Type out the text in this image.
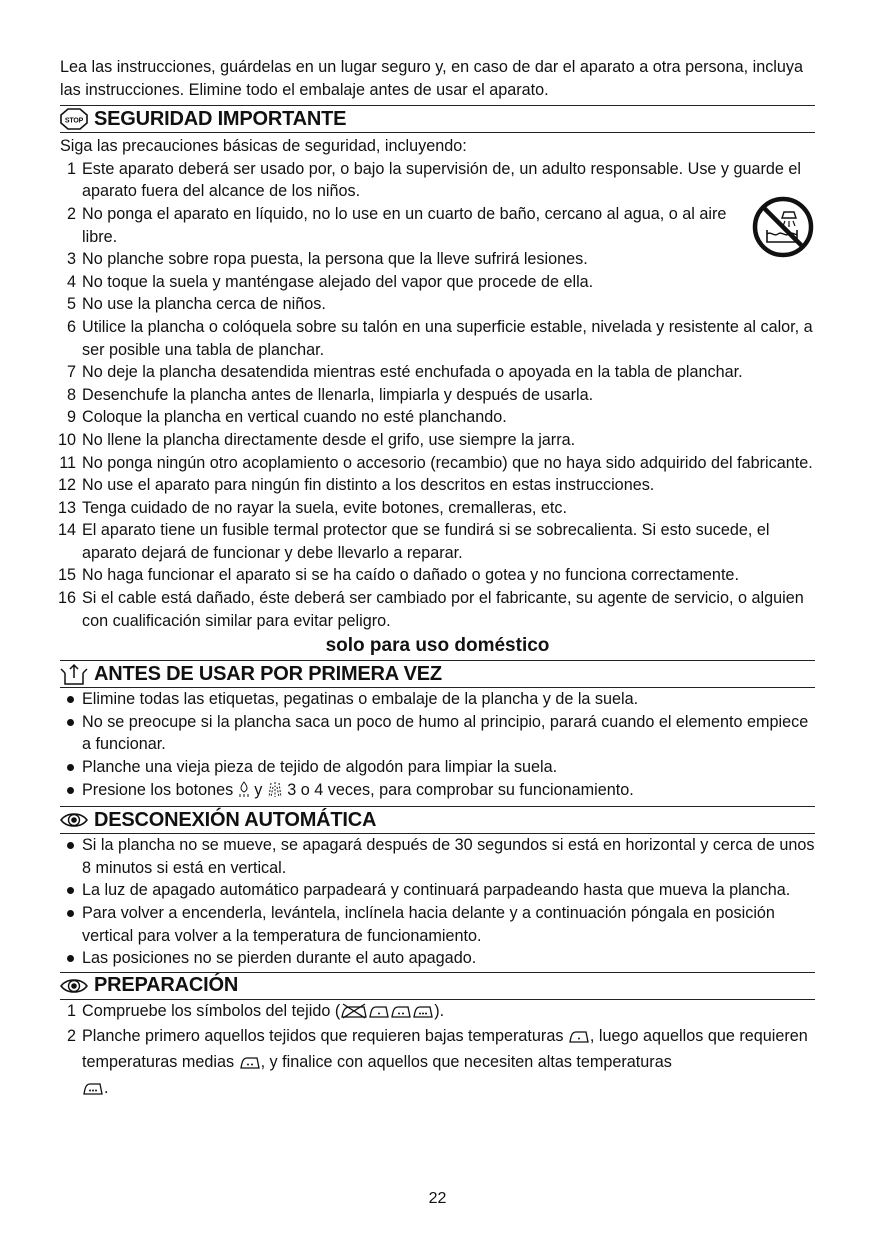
Lea las instrucciones, guárdelas en un lugar seguro y, en caso de dar el aparato a otra persona, incluya las instrucciones. Elimine todo el embalaje antes de usar el aparato.
STOP SEGURIDAD IMPORTANTE
Siga las precauciones básicas de seguridad, incluyendo:
1 Este aparato deberá ser usado por, o bajo la supervisión de, un adulto responsable. Use y guarde el aparato fuera del alcance de los niños.
2 No ponga el aparato en líquido, no lo use en un cuarto de baño, cercano al agua, o al aire libre.
3 No planche sobre ropa puesta, la persona que la lleve sufrirá lesiones.
4 No toque la suela y manténgase alejado del vapor que procede de ella.
5 No use la plancha cerca de niños.
6 Utilice la plancha o colóquela sobre su talón en una superficie estable, nivelada y resistente al calor, a ser posible una tabla de planchar.
7 No deje la plancha desatendida mientras esté enchufada o apoyada en la tabla de planchar.
8 Desenchufe la plancha antes de llenarla, limpiarla y después de usarla.
9 Coloque la plancha en vertical cuando no esté planchando.
10 No llene la plancha directamente desde el grifo, use siempre la jarra.
11 No ponga ningún otro acoplamiento o accesorio (recambio) que no haya sido adquirido del fabricante.
12 No use el aparato para ningún fin distinto a los descritos en estas instrucciones.
13 Tenga cuidado de no rayar la suela, evite botones, cremalleras, etc.
14 El aparato tiene un fusible termal protector que se fundirá si se sobrecalienta. Si esto sucede, el aparato dejará de funcionar y debe llevarlo a reparar.
15 No haga funcionar el aparato si se ha caído o dañado o gotea y no funciona correctamente.
16 Si el cable está dañado, éste deberá ser cambiado por el fabricante, su agente de servicio, o alguien con cualificación similar para evitar peligro.
solo para uso doméstico
ANTES DE USAR POR PRIMERA VEZ
Elimine todas las etiquetas, pegatinas o embalaje de la plancha y de la suela.
No se preocupe si la plancha saca un poco de humo al principio, parará cuando el elemento empiece a funcionar.
Planche una vieja pieza de tejido de algodón para limpiar la suela.
Presione los botones y 3 o 4 veces, para comprobar su funcionamiento.
DESCONEXIÓN AUTOMÁTICA
Si la plancha no se mueve, se apagará después de 30 segundos si está en horizontal y cerca de unos 8 minutos si está en vertical.
La luz de apagado automático parpadeará y continuará parpadeando hasta que mueva la plancha.
Para volver a encenderla, levántela, inclínela hacia delante y a continuación póngala en posición vertical para volver a la temperatura de funcionamiento.
Las posiciones no se pierden durante el auto apagado.
PREPARACIÓN
1 Compruebe los símbolos del tejido (	).
2 Planche primero aquellos tejidos que requieren bajas temperaturas , luego aquellos que requieren temperaturas medias , y finalice con aquellos que necesiten altas temperaturas
.
22
